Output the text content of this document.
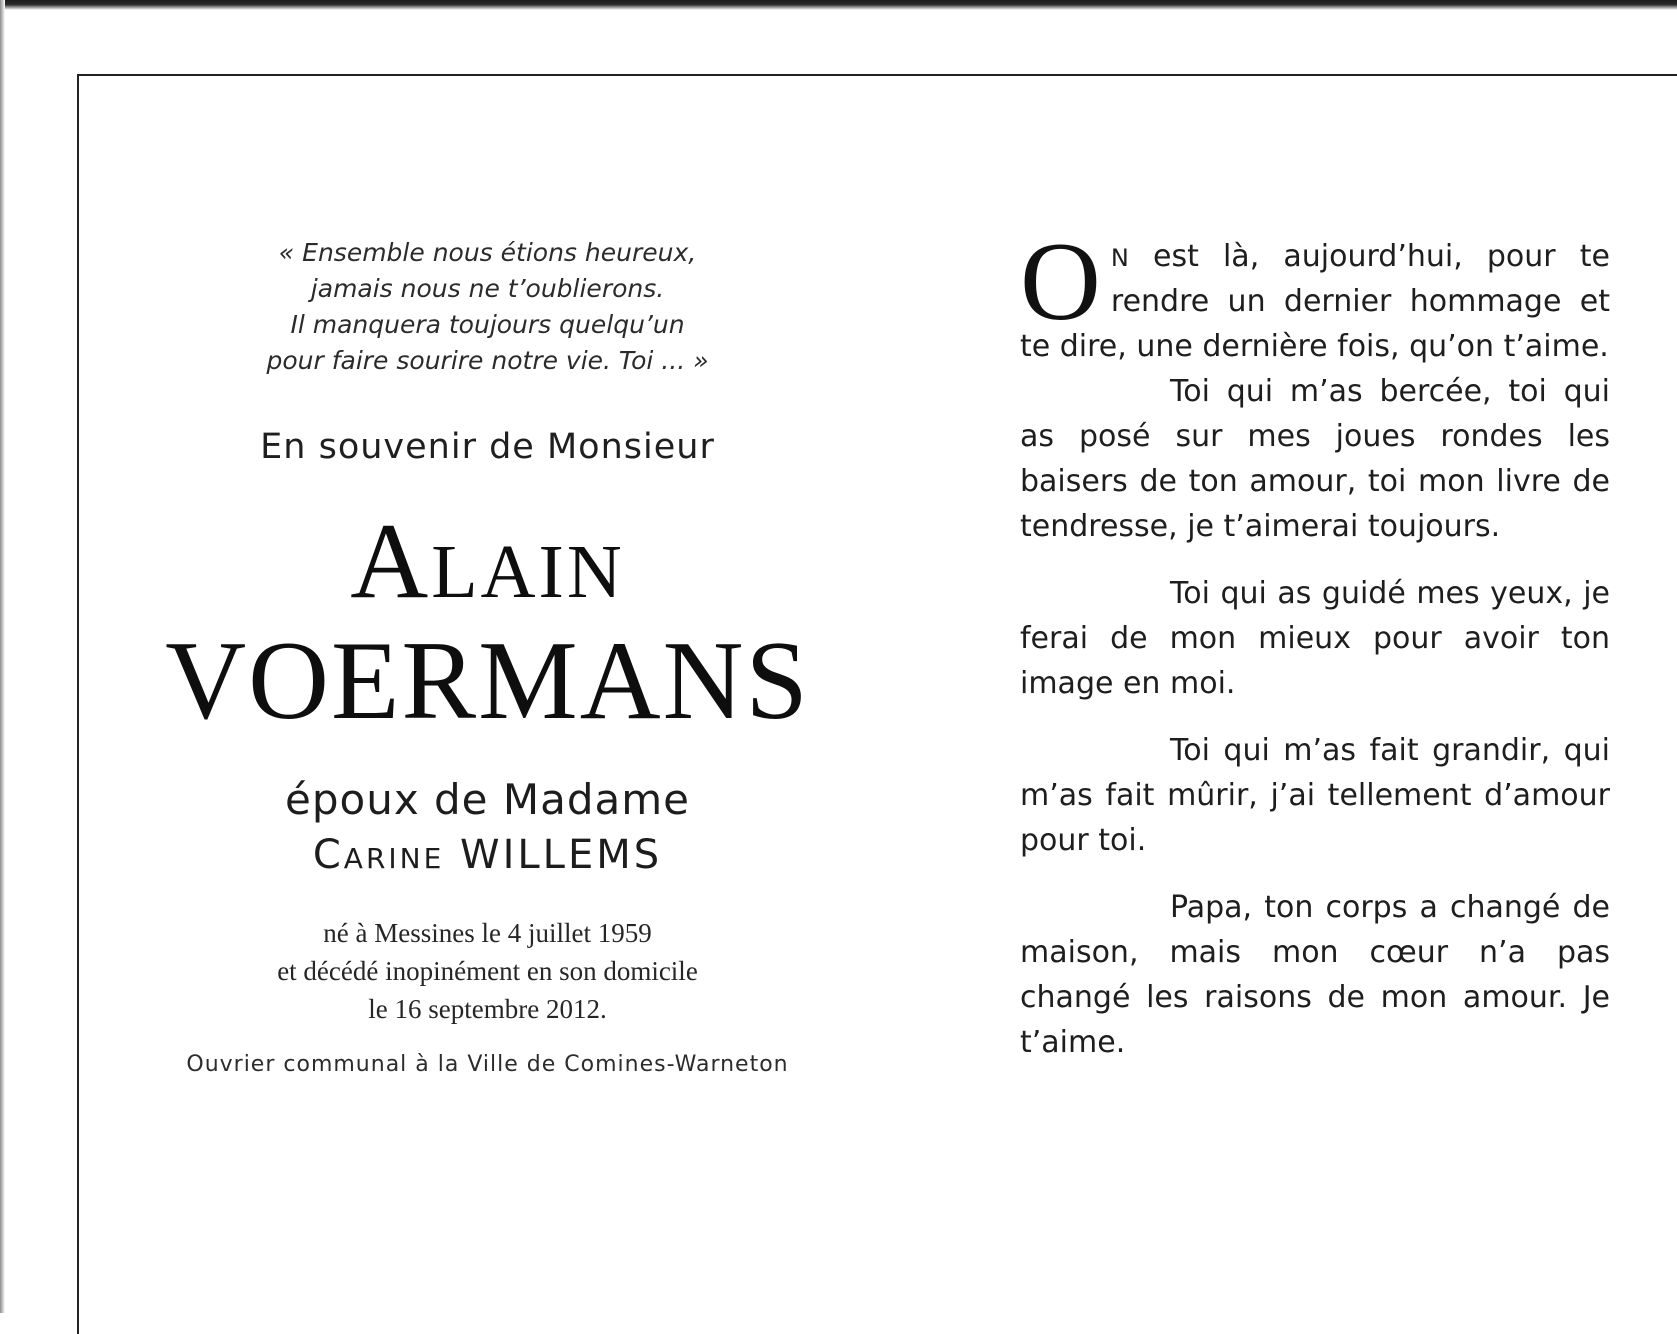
« Ensemble nous étions heureux,
jamais nous ne t’oublierons.
Il manquera toujours quelqu’un
pour faire sourire notre vie. Toi ... »
En souvenir de Monsieur
Alain
VOERMANS
époux de Madame
Carine WILLEMS
né à Messines le 4 juillet 1959
et décédé inopinément en son domicile
le 16 septembre 2012.
Ouvrier communal à la Ville de Comines-Warneton

On est là, aujourd’hui, pour te rendre un dernier hommage et te dire, une dernière fois, qu’on t’aime.

Toi qui m’as bercée, toi qui as posé sur mes joues rondes les baisers de ton amour, toi mon livre de tendresse, je t’aimerai toujours.

Toi qui as guidé mes yeux, je ferai de mon mieux pour avoir ton image en moi.

Toi qui m’as fait grandir, qui m’as fait mûrir, j’ai tellement d’amour pour toi.

Papa, ton corps a changé de maison, mais mon cœur n’a pas changé les raisons de mon amour. Je t’aime.
